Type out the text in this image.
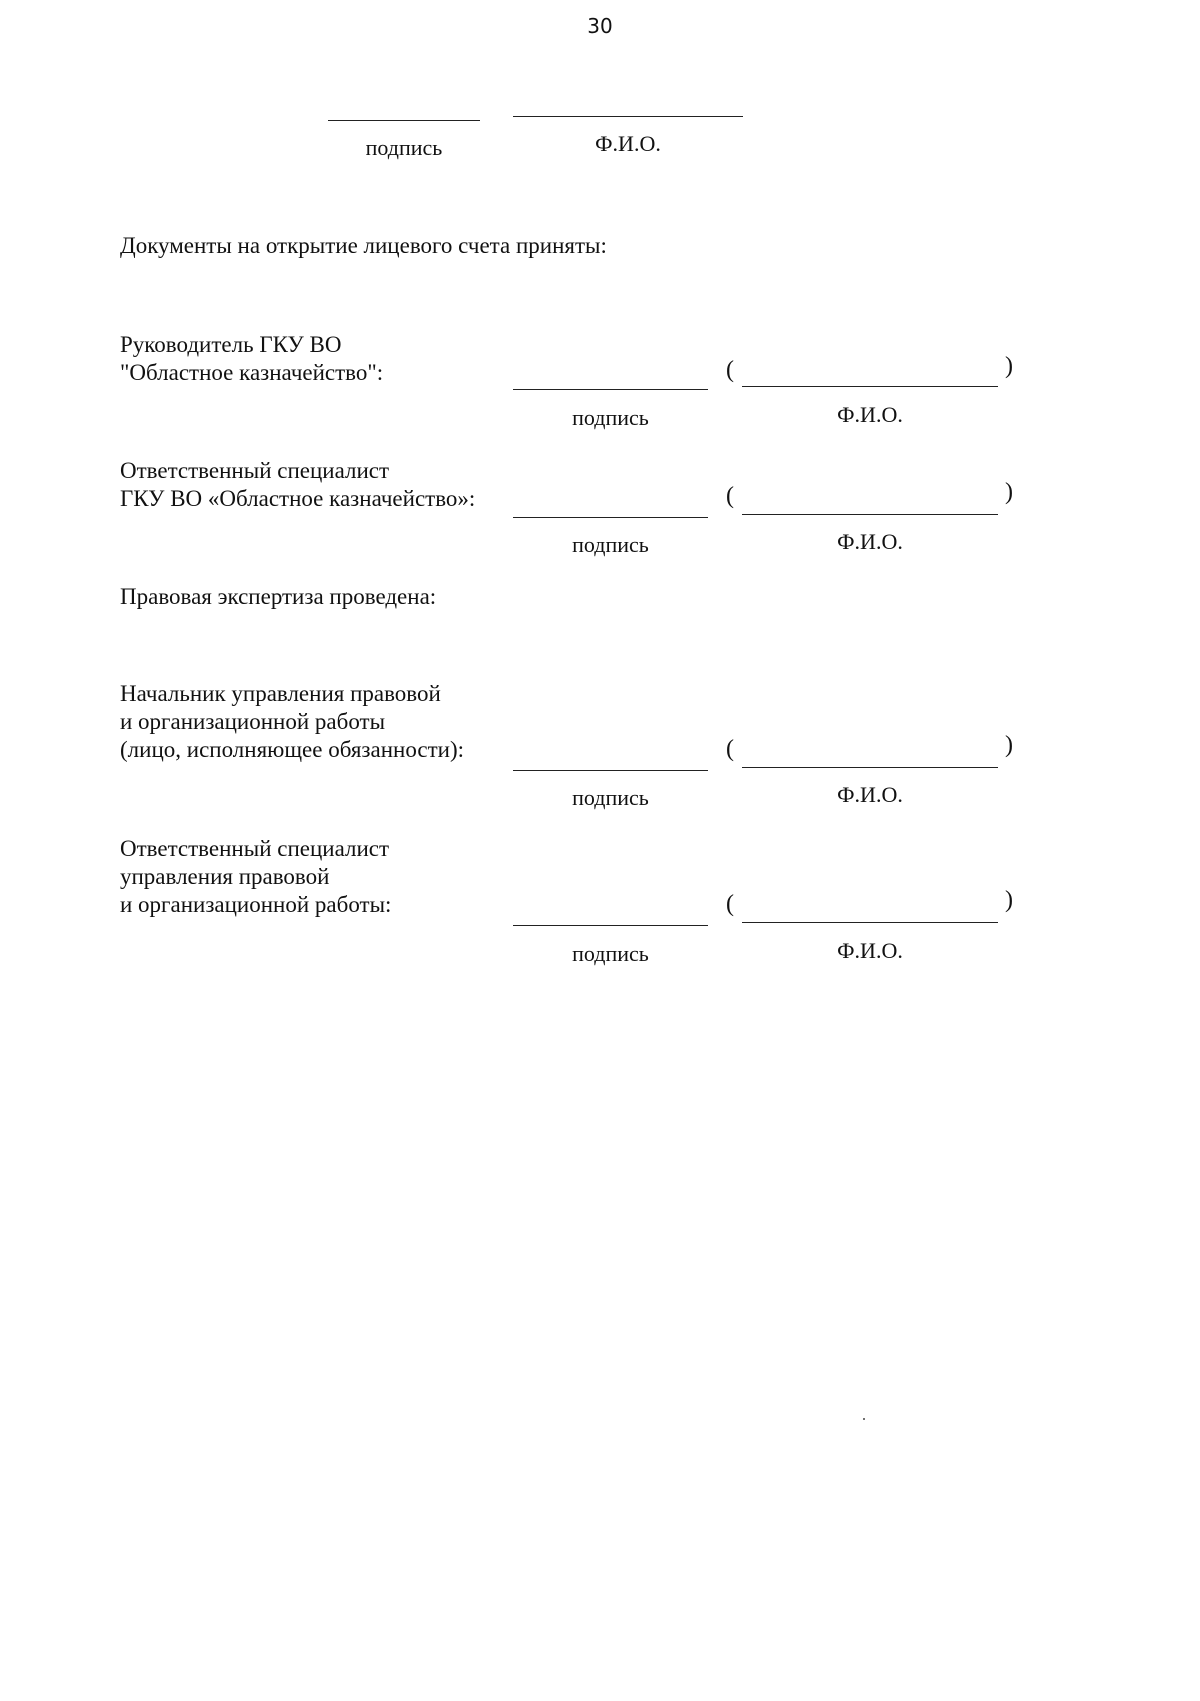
30
подпись	Ф.И.О.
Документы на открытие лицевого счета приняты:
Руководитель ГКУ ВО
"Областное казначейство":	(	)
подпись	Ф.И.О.
Ответственный специалист
ГКУ ВО «Областное казначейство»:	(	)
подпись	Ф.И.О.
Правовая экспертиза проведена:
Начальник управления правовой
и организационной работы
(лицо, исполняющее обязанности):	(	)
подпись	Ф.И.О.
Ответственный специалист
управления правовой
и организационной работы:	(	)
подпись	Ф.И.О.
